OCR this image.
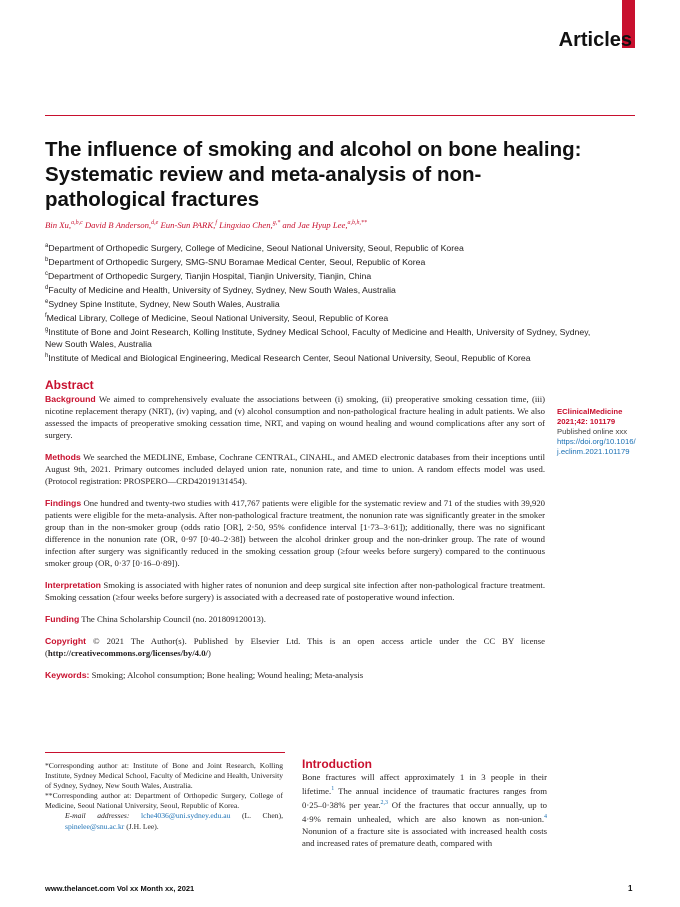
Articles
The influence of smoking and alcohol on bone healing: Systematic review and meta-analysis of non-pathological fractures
Bin Xu,$^{a,b,c}$ David B Anderson,$^{d,e}$ Eun-Sun PARK,$^f$ Lingxiao Chen,$^{g,*}$ and Jae Hyup Lee,$^{a,b,h,**}$
$^a$Department of Orthopedic Surgery, College of Medicine, Seoul National University, Seoul, Republic of Korea
$^b$Department of Orthopedic Surgery, SMG-SNU Boramae Medical Center, Seoul, Republic of Korea
$^c$Department of Orthopedic Surgery, Tianjin Hospital, Tianjin University, Tianjin, China
$^d$Faculty of Medicine and Health, University of Sydney, Sydney, New South Wales, Australia
$^e$Sydney Spine Institute, Sydney, New South Wales, Australia
$^f$Medical Library, College of Medicine, Seoul National University, Seoul, Republic of Korea
$^g$Institute of Bone and Joint Research, Kolling Institute, Sydney Medical School, Faculty of Medicine and Health, University of Sydney, Sydney, New South Wales, Australia
$^h$Institute of Medical and Biological Engineering, Medical Research Center, Seoul National University, Seoul, Republic of Korea
Abstract

Background We aimed to comprehensively evaluate the associations between (i) smoking, (ii) preoperative smoking cessation time, (iii) nicotine replacement therapy (NRT), (iv) vaping, and (v) alcohol consumption and non-pathological fracture healing in adult patients. We also assessed the impacts of preoperative smoking cessation time, NRT, and vaping on wound healing and wound complications after any sort of surgery.

Methods We searched the MEDLINE, Embase, Cochrane CENTRAL, CINAHL, and AMED electronic databases from their inceptions until August 9th, 2021. Primary outcomes included delayed union rate, nonunion rate, and time to union. A random effects model was used. (Protocol registration: PROSPERO—CRD42019131454).

Findings One hundred and twenty-two studies with 417,767 patients were eligible for the systematic review and 71 of the studies with 39,920 patients were eligible for the meta-analysis. After non-pathological fracture treatment, the nonunion rate was significantly greater in the smoker group than in the non-smoker group (odds ratio [OR], 2·50, 95% confidence interval [1·73–3·61]); additionally, there was no significant difference in the nonunion rate (OR, 0·97 [0·40–2·38]) between the alcohol drinker group and the non-drinker group. The rate of wound infection after surgery was significantly reduced in the smoking cessation group (≥four weeks before surgery) compared to the continuous smoker group (OR, 0·37 [0·16–0·89]).

Interpretation Smoking is associated with higher rates of nonunion and deep surgical site infection after non-pathological fracture treatment. Smoking cessation (≥four weeks before surgery) is associated with a decreased rate of postoperative wound infection.

Funding The China Scholarship Council (no. 201809120013).

Copyright © 2021 The Author(s). Published by Elsevier Ltd. This is an open access article under the CC BY license (http://creativecommons.org/licenses/by/4.0/)

Keywords: Smoking; Alcohol consumption; Bone healing; Wound healing; Meta-analysis

EClinicalMedicine
2021;42: 101179
Published online xxx
https://doi.org/10.1016/j.eclinm.2021.101179
*Corresponding author at: Institute of Bone and Joint Research, Kolling Institute, Sydney Medical School, Faculty of Medicine and Health, University of Sydney, Sydney, New South Wales, Australia.
**Corresponding author at: Department of Orthopedic Surgery, College of Medicine, Seoul National University, Seoul, Republic of Korea.
E-mail addresses: lche4036@uni.sydney.edu.au (L. Chen), spinelee@snu.ac.kr (J.H. Lee).
Introduction
Bone fractures will affect approximately 1 in 3 people in their lifetime.$^1$ The annual incidence of traumatic fractures ranges from 0·25–0·38% per year.$^{2,3}$ Of the fractures that occur annually, up to 4·9% remain unhealed, which are also known as non-union.$^4$ Nonunion of a fracture site is associated with increased health costs and increased rates of premature death, compared with
www.thelancet.com Vol xx Month xx, 2021	1
